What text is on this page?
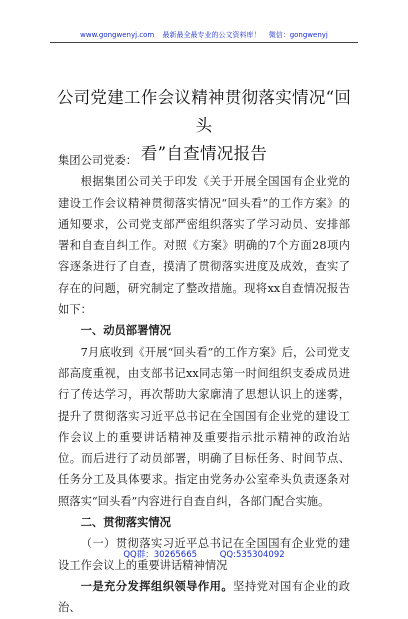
www.gongwenyj.com 最新最全最专业的公文资料库！ 微信：gongwenyj
公司党建工作会议精神贯彻落实情况“回头
看”自查情况报告

集团公司党委：

根据集团公司关于印发《关于开展全国国有企业党的建设工作会议精神贯彻落实情况“回头看”的工作方案》的通知要求，公司党支部严密组织落实了学习动员、安排部署和自查自纠工作。对照《方案》明确的7个方面28项内容逐条进行了自查，摸清了贯彻落实进度及成效，查实了存在的问题，研究制定了整改措施。现将xx自查情况报告如下：

一、动员部署情况

7月底收到《开展“回头看”的工作方案》后，公司党支部高度重视，由支部书记xx同志第一时间组织支委成员进行了传达学习，再次帮助大家廓清了思想认识上的迷雾，提升了贯彻落实习近平总书记在全国国有企业党的建设工作会议上的重要讲话精神及重要指示批示精神的政治站位。而后进行了动员部署，明确了目标任务、时间节点、任务分工及具体要求。指定由党务办公室牵头负责逐条对照落实“回头看”内容进行自查自纠，各部门配合实施。

二、贯彻落实情况

（一）贯彻落实习近平总书记在全国国有企业党的建设工作会议上的重要讲话精神情况

一是充分发挥组织领导作用。坚持党对国有企业的政治、

QQ群：30265665	QQ:535304092
